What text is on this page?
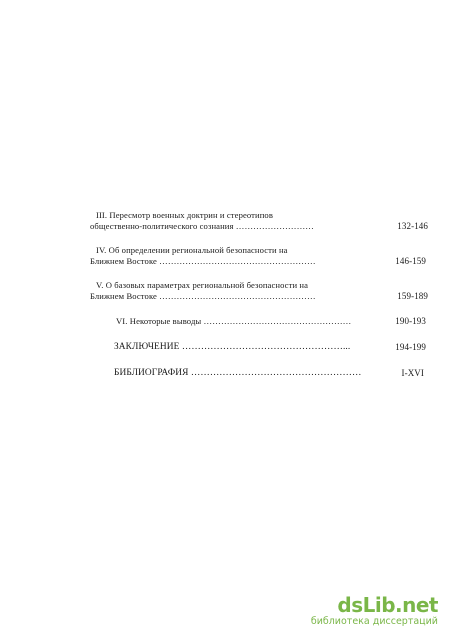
III. Пересмотр военных доктрин и стереотипов
общественно-политического сознания ………………………	132-146
IV. Об определении региональной безопасности на
Ближнем Востоке ………………………………………………	146-159
V. О базовых параметрах региональной безопасности на
Ближнем Востоке ………………………………………………	159-189
VI. Некоторые выводы ……………………………………………	190-193
ЗАКЛЮЧЕНИЕ ……………………………………………...	194-199
БИБЛИОГРАФИЯ ………………………………………………	I-XVI
dsLib.net
библиотека диссертаций
